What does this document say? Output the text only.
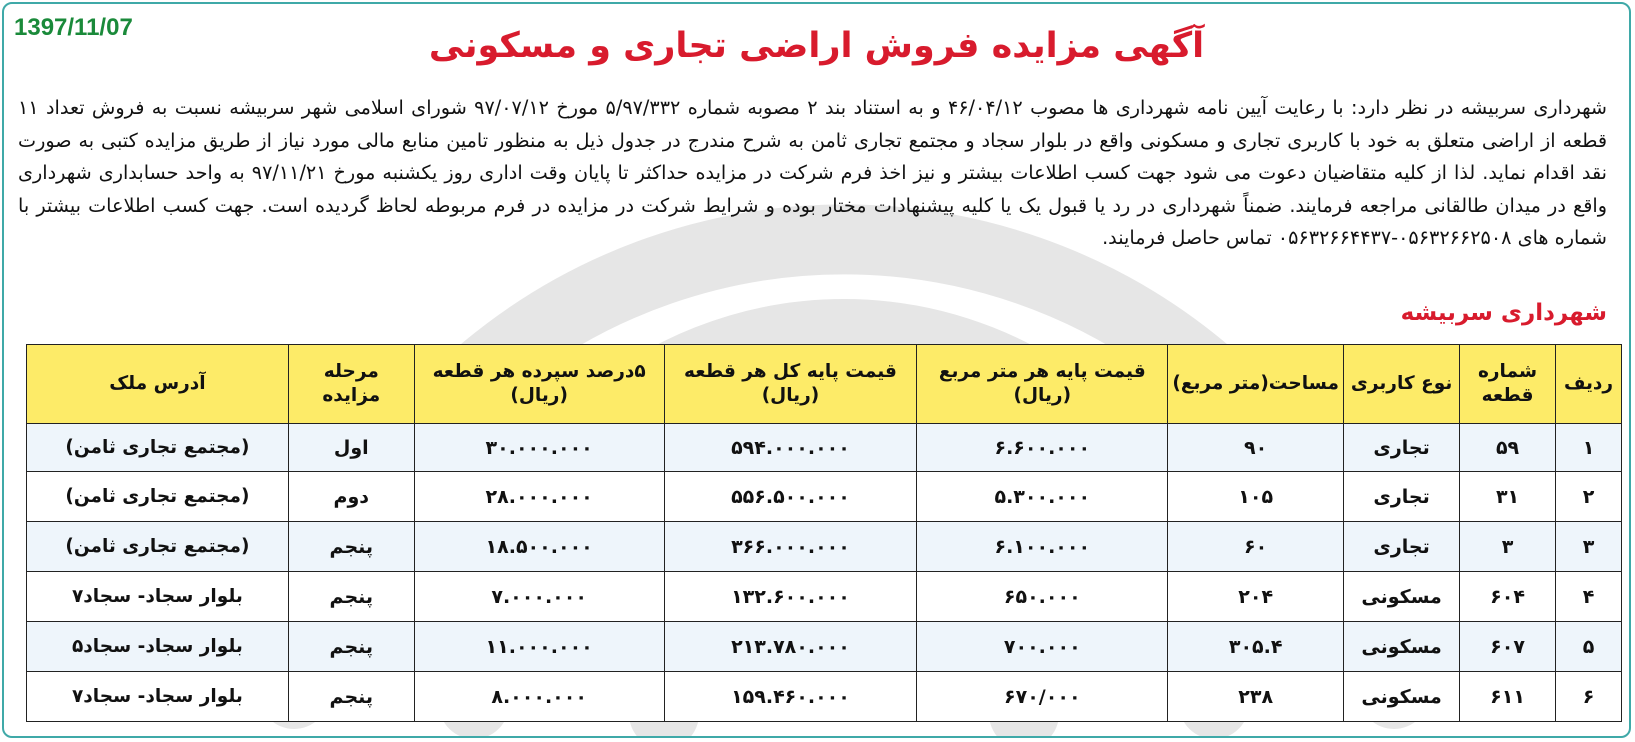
1397/11/07	آگهی مزایده فروش اراضی تجاری و مسکونی
شهرداری سربیشه در نظر دارد: با رعایت آیین نامه شهرداری ها مصوب ۴۶/۰۴/۱۲ و به استناد بند ۲ مصوبه شماره ۵/۹۷/۳۳۲ مورخ ۹۷/۰۷/۱۲ شورای اسلامی شهر سربیشه نسبت به فروش تعداد ۱۱ قطعه از اراضی متعلق به خود با کاربری تجاری و مسکونی واقع در بلوار سجاد و مجتمع تجاری ثامن به شرح مندرج در جدول ذیل به منظور تامین منابع مالی مورد نیاز از طریق مزایده کتبی به صورت نقد اقدام نماید. لذا از کلیه متقاضیان دعوت می شود جهت کسب اطلاعات بیشتر و نیز اخذ فرم شرکت در مزایده حداکثر تا پایان وقت اداری روز یکشنبه مورخ ۹۷/۱۱/۲۱ به واحد حسابداری شهرداری واقع در میدان طالقانی مراجعه فرمایند. ضمناً شهرداری در رد یا قبول یک یا کلیه پیشنهادات مختار بوده و شرایط شرکت در مزایده در فرم مربوطه لحاظ گردیده است. جهت کسب اطلاعات بیشتر با شماره های ۰۵۶۳۲۶۶۲۵۰۸-۰۵۶۳۲۶۶۴۴۳۷ تماس حاصل فرمایند.
شهرداری سربیشه
ردیف	شماره قطعه	نوع کاربری	مساحت(متر مربع)	قیمت پایه هر متر مربع (ریال)	قیمت پایه کل هر قطعه (ریال)	۵درصد سپرده هر قطعه (ریال)	مرحله مزایده	آدرس ملک
۱	۵۹	تجاری	۹۰	۶.۶۰۰.۰۰۰	۵۹۴.۰۰۰.۰۰۰	۳۰.۰۰۰.۰۰۰	اول	(مجتمع تجاری ثامن)
۲	۳۱	تجاری	۱۰۵	۵.۳۰۰.۰۰۰	۵۵۶.۵۰۰.۰۰۰	۲۸.۰۰۰.۰۰۰	دوم	(مجتمع تجاری ثامن)
۳	۳	تجاری	۶۰	۶.۱۰۰.۰۰۰	۳۶۶.۰۰۰.۰۰۰	۱۸.۵۰۰.۰۰۰	پنجم	(مجتمع تجاری ثامن)
۴	۶۰۴	مسکونی	۲۰۴	۶۵۰.۰۰۰	۱۳۲.۶۰۰.۰۰۰	۷.۰۰۰.۰۰۰	پنجم	بلوار سجاد- سجاد۷
۵	۶۰۷	مسکونی	۳۰۵.۴	۷۰۰.۰۰۰	۲۱۳.۷۸۰.۰۰۰	۱۱.۰۰۰.۰۰۰	پنجم	بلوار سجاد- سجاد۵
۶	۶۱۱	مسکونی	۲۳۸	۶۷۰/۰۰۰	۱۵۹.۴۶۰.۰۰۰	۸.۰۰۰.۰۰۰	پنجم	بلوار سجاد- سجاد۷
